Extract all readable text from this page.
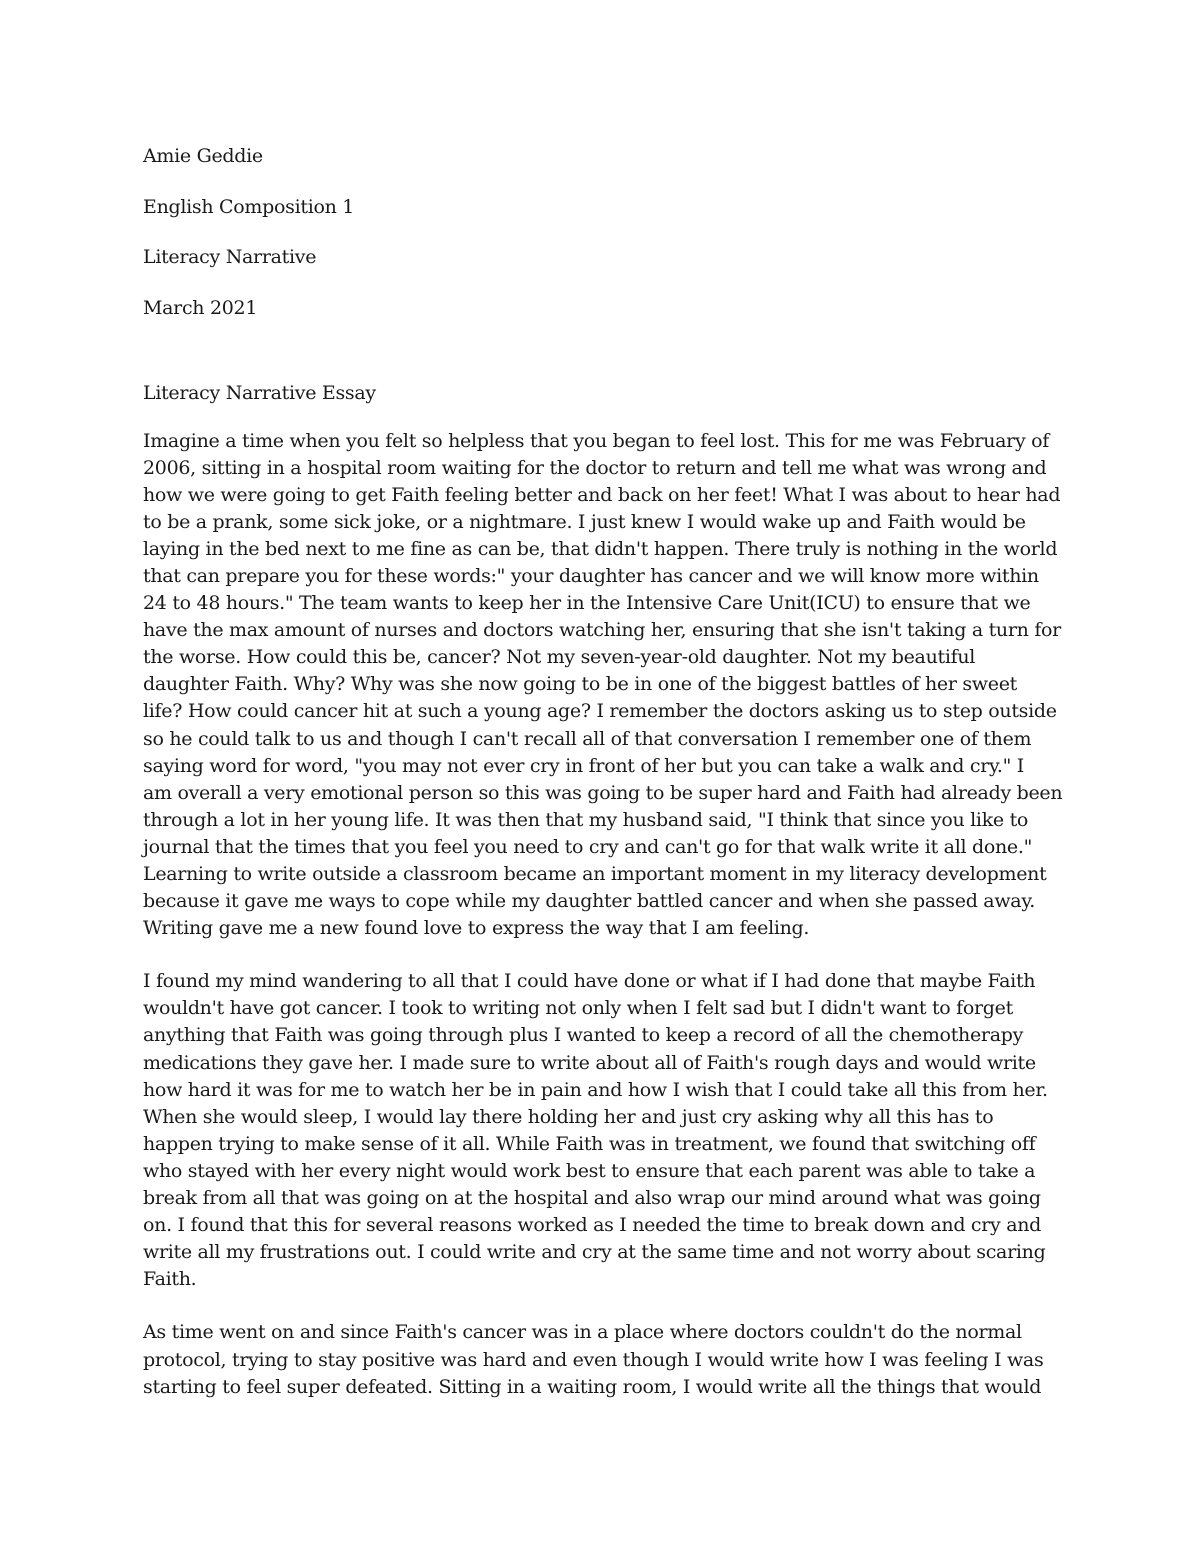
Amie Geddie
English Composition 1
Literacy Narrative
March 2021
Literacy Narrative Essay
Imagine a time when you felt so helpless that you began to feel lost. This for me was February of
2006, sitting in a hospital room waiting for the doctor to return and tell me what was wrong and
how we were going to get Faith feeling better and back on her feet! What I was about to hear had
to be a prank, some sick joke, or a nightmare. I just knew I would wake up and Faith would be
laying in the bed next to me fine as can be, that didn't happen. There truly is nothing in the world
that can prepare you for these words:" your daughter has cancer and we will know more within
24 to 48 hours." The team wants to keep her in the Intensive Care Unit(ICU) to ensure that we
have the max amount of nurses and doctors watching her, ensuring that she isn't taking a turn for
the worse. How could this be, cancer? Not my seven-year-old daughter. Not my beautiful
daughter Faith. Why? Why was she now going to be in one of the biggest battles of her sweet
life? How could cancer hit at such a young age? I remember the doctors asking us to step outside
so he could talk to us and though I can't recall all of that conversation I remember one of them
saying word for word, "you may not ever cry in front of her but you can take a walk and cry." I
am overall a very emotional person so this was going to be super hard and Faith had already been
through a lot in her young life. It was then that my husband said, "I think that since you like to
journal that the times that you feel you need to cry and can't go for that walk write it all done."
Learning to write outside a classroom became an important moment in my literacy development
because it gave me ways to cope while my daughter battled cancer and when she passed away.
Writing gave me a new found love to express the way that I am feeling.
I found my mind wandering to all that I could have done or what if I had done that maybe Faith
wouldn't have got cancer. I took to writing not only when I felt sad but I didn't want to forget
anything that Faith was going through plus I wanted to keep a record of all the chemotherapy
medications they gave her. I made sure to write about all of Faith's rough days and would write
how hard it was for me to watch her be in pain and how I wish that I could take all this from her.
When she would sleep, I would lay there holding her and just cry asking why all this has to
happen trying to make sense of it all. While Faith was in treatment, we found that switching off
who stayed with her every night would work best to ensure that each parent was able to take a
break from all that was going on at the hospital and also wrap our mind around what was going
on. I found that this for several reasons worked as I needed the time to break down and cry and
write all my frustrations out. I could write and cry at the same time and not worry about scaring
Faith.
As time went on and since Faith's cancer was in a place where doctors couldn't do the normal
protocol, trying to stay positive was hard and even though I would write how I was feeling I was
starting to feel super defeated. Sitting in a waiting room, I would write all the things that would
